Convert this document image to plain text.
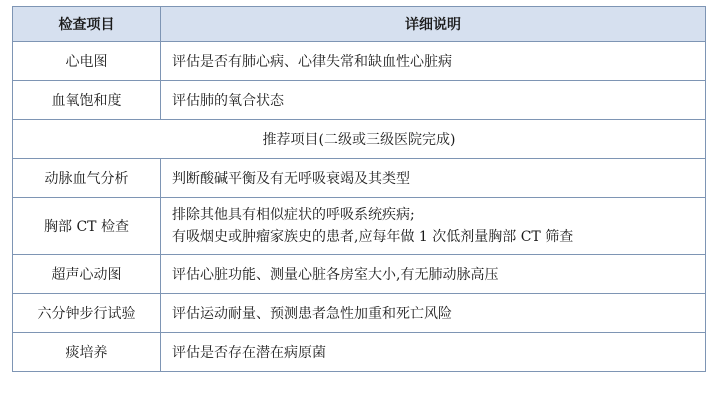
检查项目	详细说明
心电图	评估是否有肺心病、心律失常和缺血性心脏病
血氧饱和度	评估肺的氧合状态
推荐项目(二级或三级医院完成)	
动脉血气分析	判断酸碱平衡及有无呼吸衰竭及其类型
胸部 CT 检查	排除其他具有相似症状的呼吸系统疾病;
有吸烟史或肿瘤家族史的患者,应每年做 1 次低剂量胸部 CT 筛查

超声心动图	评估心脏功能、测量心脏各房室大小,有无肺动脉高压
六分钟步行试验	评估运动耐量、预测患者急性加重和死亡风险
痰培养	评估是否存在潜在病原菌
